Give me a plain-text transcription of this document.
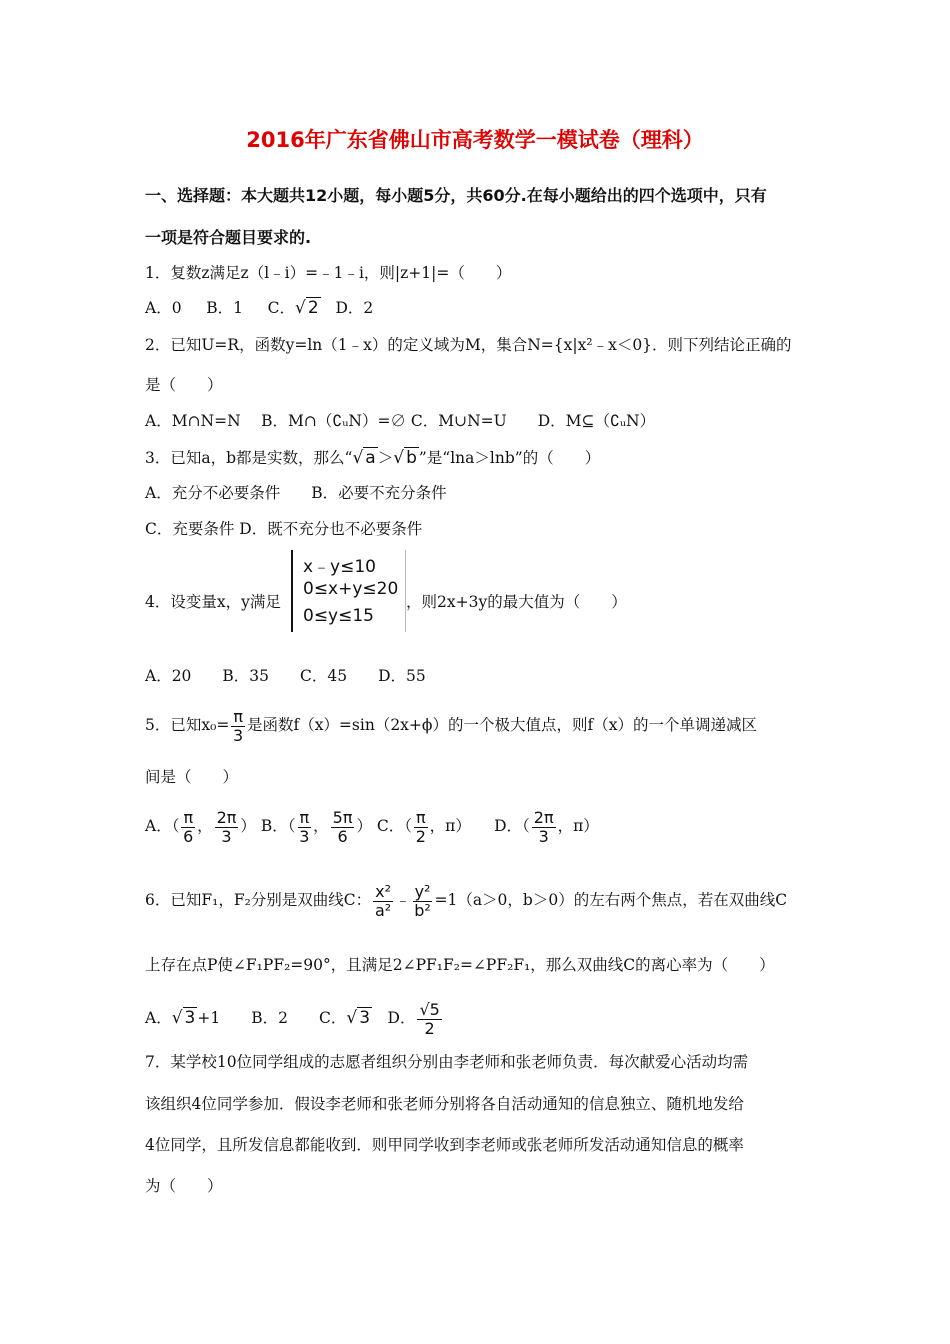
2016年广东省佛山市高考数学一模试卷（理科）
一、选择题：本大题共12小题，每小题5分，共60分.在每小题给出的四个选项中，只有
一项是符合题目要求的.
1．复数z满足z（l﹣i）=﹣1﹣i，则|z+1|=（　　）
A．0 B．1 C．√ 2 D．2
2．已知U=R，函数y=ln（1﹣x）的定义域为M，集合N={x|x²﹣x＜0}．则下列结论正确的
是（　　）
A．M∩N=N　 B．M∩（∁ᵤN）=∅ C．M∪N=U　　D．M⊆（∁ᵤN）
3．已知a，b都是实数，那么“√ a ＞√ b ”是“lna＞lnb”的（　　）
A．充分不必要条件　　B．必要不充分条件
C．充要条件 D．既不充分也不必要条件
4．设变量x，y满足
x﹣y≤10
0≤x+y≤20
0≤y≤15
，则2x+3y的最大值为（　　）
A．20　　B．35　　C．45　　D．55
5．已知$x_0= \frac{\pi}{3}$ 是函数f（x）=sin（2x+ϕ）的一个极大值点，则f（x）的一个单调递减区
间是（　　）
A．（ $\frac{\pi}{6}$ ， $\frac{2\pi}{3}$ ） B．（ $\frac{\pi}{3}$ ， $\frac{5\pi}{6}$ ） C．（ $\frac{\pi}{2}$ ，π）　　D．（ $\frac{2\pi}{3}$ ，π）
6．已知F₁，F₂分别是双曲线C： $\frac{\text{x²}}{\text{a²}}$ ﹣ $\frac{\text{y²}}{\text{b²}} =1(a>0$，b＞0）的左右两个焦点，若在双曲线C
上存在点P使∠F₁PF₂=90°，且满足2∠PF₁F₂=∠PF₂F₁，那么双曲线C的离心率为（　　）
A．√ 3 +1　　B．2　　C．√ 3　D． $\frac{√5}{2}$
7．某学校10位同学组成的志愿者组织分别由李老师和张老师负责．每次献爱心活动均需
该组织4位同学参加．假设李老师和张老师分别将各自活动通知的信息独立、随机地发给
4位同学，且所发信息都能收到．则甲同学收到李老师或张老师所发活动通知信息的概率
为（　　）
